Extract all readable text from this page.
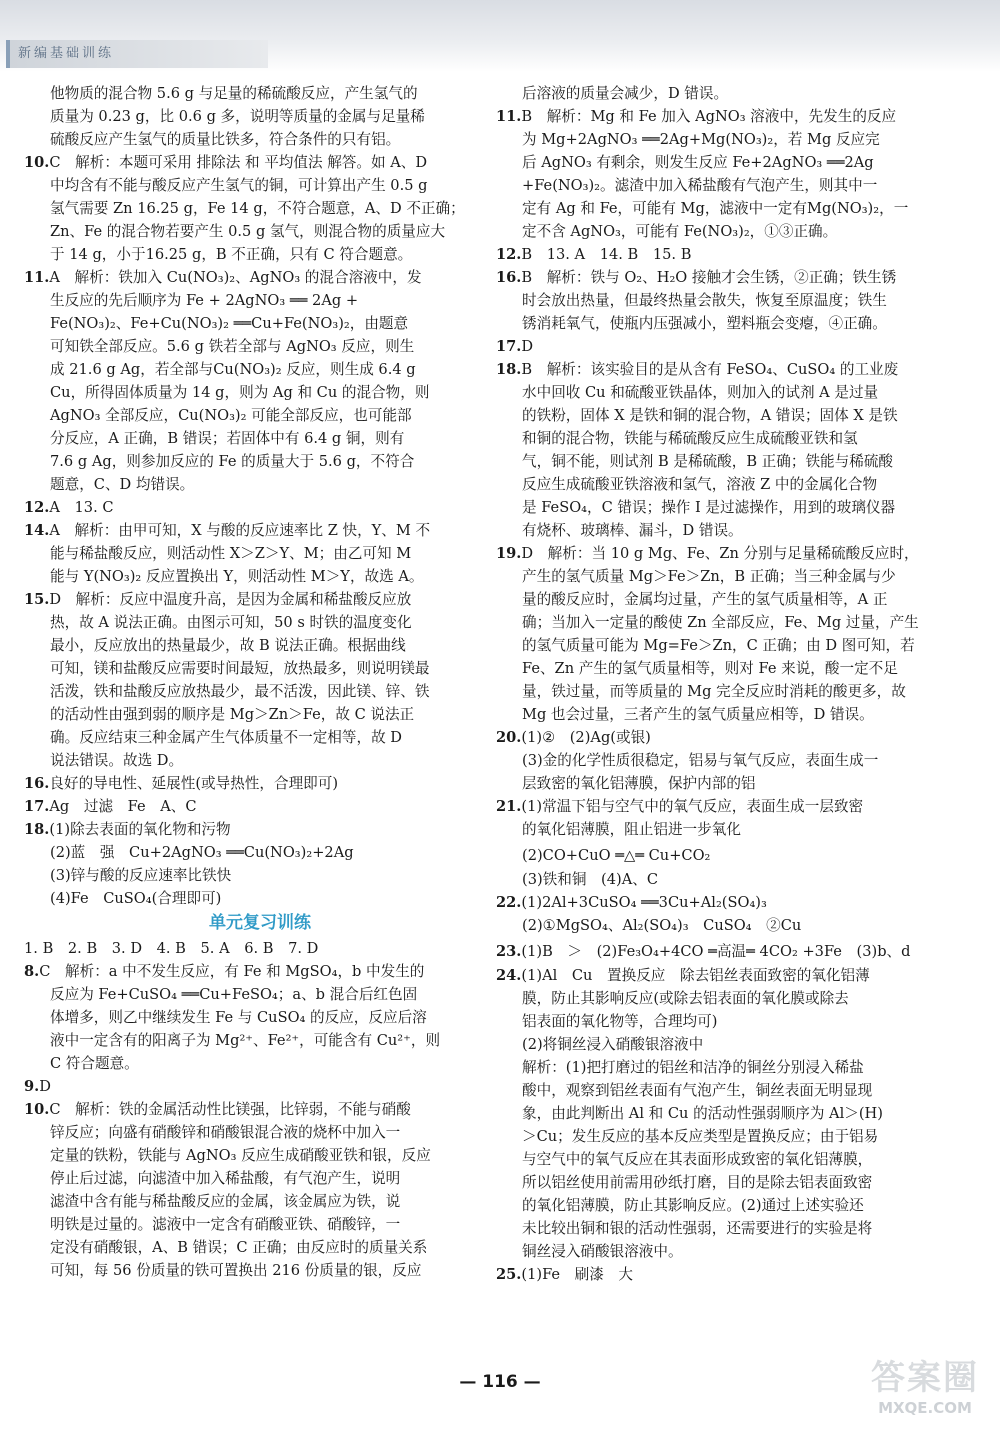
新编基础训练
他物质的混合物 5.6 g 与足量的稀硫酸反应，产生氢气的
质量为 0.23 g，比 0.6 g 多，说明等质量的金属与足量稀
硫酸反应产生氢气的质量比铁多，符合条件的只有铝。
10.C　解析：本题可采用 排除法 和 平均值法 解答。如 A、D
中均含有不能与酸反应产生氢气的铜，可计算出产生 0.5 g
氢气需要 Zn 16.25 g，Fe 14 g，不符合题意，A、D 不正确；
Zn、Fe 的混合物若要产生 0.5 g 氢气，则混合物的质量应大
于 14 g，小于16.25 g，B 不正确，只有 C 符合题意。
11.A　解析：铁加入 Cu(NO₃)₂、AgNO₃ 的混合溶液中，发
生反应的先后顺序为 Fe + 2AgNO₃ ══ 2Ag +
Fe(NO₃)₂、Fe+Cu(NO₃)₂ ══Cu+Fe(NO₃)₂，由题意
可知铁全部反应。5.6 g 铁若全部与 AgNO₃ 反应，则生
成 21.6 g Ag，若全部与Cu(NO₃)₂ 反应，则生成 6.4 g
Cu，所得固体质量为 14 g，则为 Ag 和 Cu 的混合物，则
AgNO₃ 全部反应，Cu(NO₃)₂ 可能全部反应，也可能部
分反应，A 正确，B 错误；若固体中有 6.4 g 铜，则有
7.6 g Ag，则参加反应的 Fe 的质量大于 5.6 g，不符合
题意，C、D 均错误。
12.A　13. C
14.A　解析：由甲可知，X 与酸的反应速率比 Z 快，Y、M 不
能与稀盐酸反应，则活动性 X＞Z＞Y、M；由乙可知 M
能与 Y(NO₃)₂ 反应置换出 Y，则活动性 M＞Y，故选 A。
15.D　解析：反应中温度升高，是因为金属和稀盐酸反应放
热，故 A 说法正确。由图示可知，50 s 时铁的温度变化
最小，反应放出的热量最少，故 B 说法正确。根据曲线
可知，镁和盐酸反应需要时间最短，放热最多，则说明镁最
活泼，铁和盐酸反应放热最少，最不活泼，因此镁、锌、铁
的活动性由强到弱的顺序是 Mg＞Zn＞Fe，故 C 说法正
确。反应结束三种金属产生气体质量不一定相等，故 D
说法错误。故选 D。
16.良好的导电性、延展性(或导热性，合理即可)
17.Ag　过滤　Fe　A、C
18.(1)除去表面的氧化物和污物
(2)蓝　强　Cu+2AgNO₃ ══Cu(NO₃)₂+2Ag
(3)锌与酸的反应速率比铁快
(4)Fe　CuSO₄(合理即可)
单元复习训练
1. B　2. B　3. D　4. B　5. A　6. B　7. D
8.C　解析：a 中不发生反应，有 Fe 和 MgSO₄，b 中发生的
反应为 Fe+CuSO₄ ══Cu+FeSO₄；a、b 混合后红色固
体增多，则乙中继续发生 Fe 与 CuSO₄ 的反应，反应后溶
液中一定含有的阳离子为 Mg²⁺、Fe²⁺，可能含有 Cu²⁺，则
C 符合题意。
9.D
10.C　解析：铁的金属活动性比镁强，比锌弱，不能与硝酸
锌反应；向盛有硝酸锌和硝酸银混合液的烧杯中加入一
定量的铁粉，铁能与 AgNO₃ 反应生成硝酸亚铁和银，反应
停止后过滤，向滤渣中加入稀盐酸，有气泡产生，说明
滤渣中含有能与稀盐酸反应的金属，该金属应为铁，说
明铁是过量的。滤液中一定含有硝酸亚铁、硝酸锌，一
定没有硝酸银，A、B 错误；C 正确；由反应时的质量关系
可知，每 56 份质量的铁可置换出 216 份质量的银，反应
后溶液的质量会减少，D 错误。
11.B　解析：Mg 和 Fe 加入 AgNO₃ 溶液中，先发生的反应
为 Mg+2AgNO₃ ══2Ag+Mg(NO₃)₂，若 Mg 反应完
后 AgNO₃ 有剩余，则发生反应 Fe+2AgNO₃ ══2Ag
+Fe(NO₃)₂。滤渣中加入稀盐酸有气泡产生，则其中一
定有 Ag 和 Fe，可能有 Mg，滤液中一定有Mg(NO₃)₂，一
定不含 AgNO₃，可能有 Fe(NO₃)₂，①③正确。
12.B　13. A　14. B　15. B
16.B　解析：铁与 O₂、H₂O 接触才会生锈，②正确；铁生锈
时会放出热量，但最终热量会散失，恢复至原温度；铁生
锈消耗氧气，使瓶内压强减小，塑料瓶会变瘪，④正确。
17.D
18.B　解析：该实验目的是从含有 FeSO₄、CuSO₄ 的工业废
水中回收 Cu 和硫酸亚铁晶体，则加入的试剂 A 是过量
的铁粉，固体 X 是铁和铜的混合物，A 错误；固体 X 是铁
和铜的混合物，铁能与稀硫酸反应生成硫酸亚铁和氢
气，铜不能，则试剂 B 是稀硫酸，B 正确；铁能与稀硫酸
反应生成硫酸亚铁溶液和氢气，溶液 Z 中的金属化合物
是 FeSO₄，C 错误；操作 Ⅰ 是过滤操作，用到的玻璃仪器
有烧杯、玻璃棒、漏斗，D 错误。
19.D　解析：当 10 g Mg、Fe、Zn 分别与足量稀硫酸反应时，
产生的氢气质量 Mg＞Fe＞Zn，B 正确；当三种金属与少
量的酸反应时，金属均过量，产生的氢气质量相等，A 正
确；当加入一定量的酸使 Zn 全部反应，Fe、Mg 过量，产生
的氢气质量可能为 Mg=Fe＞Zn，C 正确；由 D 图可知，若
Fe、Zn 产生的氢气质量相等，则对 Fe 来说，酸一定不足
量，铁过量，而等质量的 Mg 完全反应时消耗的酸更多，故
Mg 也会过量，三者产生的氢气质量应相等，D 错误。
20.(1)②　(2)Ag(或银)
(3)金的化学性质很稳定，铝易与氧气反应，表面生成一
层致密的氧化铝薄膜，保护内部的铝
21.(1)常温下铝与空气中的氧气反应，表面生成一层致密
的氧化铝薄膜，阻止铝进一步氧化
(2)CO+CuO ═△═ Cu+CO₂
(3)铁和铜　(4)A、C
22.(1)2Al+3CuSO₄ ══3Cu+Al₂(SO₄)₃
(2)①MgSO₄、Al₂(SO₄)₃　CuSO₄　②Cu
23.(1)B　＞　(2)Fe₃O₄+4CO ═高温═ 4CO₂ +3Fe　(3)b、d
24.(1)Al　Cu　置换反应　除去铝丝表面致密的氧化铝薄
膜，防止其影响反应(或除去铝表面的氧化膜或除去
铝表面的氧化物等，合理均可)
(2)将铜丝浸入硝酸银溶液中
解析：(1)把打磨过的铝丝和洁净的铜丝分别浸入稀盐
酸中，观察到铝丝表面有气泡产生，铜丝表面无明显现
象，由此判断出 Al 和 Cu 的活动性强弱顺序为 Al＞(H)
＞Cu；发生反应的基本反应类型是置换反应；由于铝易
与空气中的氧气反应在其表面形成致密的氧化铝薄膜，
所以铝丝使用前需用砂纸打磨，目的是除去铝表面致密
的氧化铝薄膜，防止其影响反应。(2)通过上述实验还
未比较出铜和银的活动性强弱，还需要进行的实验是将
铜丝浸入硝酸银溶液中。
25.(1)Fe　刷漆　大
— 116 —	答案圈
MXQE.COM
